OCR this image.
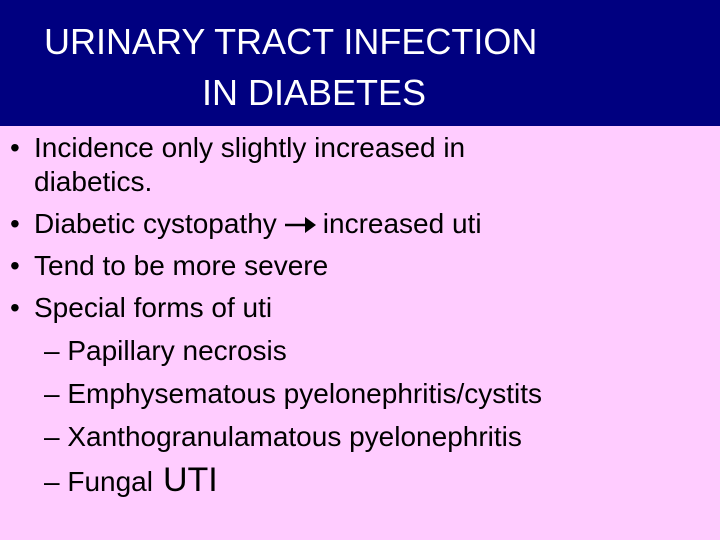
URINARY TRACT INFECTION
IN DIABETES
• Incidence only slightly increased in
diabetics.
• Diabetic cystopathy increased uti
• Tend to be more severe
• Special forms of uti
– Papillary necrosis
– Emphysematous pyelonephritis/cystits
– Xanthogranulamatous pyelonephritis
– Fungal UTI
